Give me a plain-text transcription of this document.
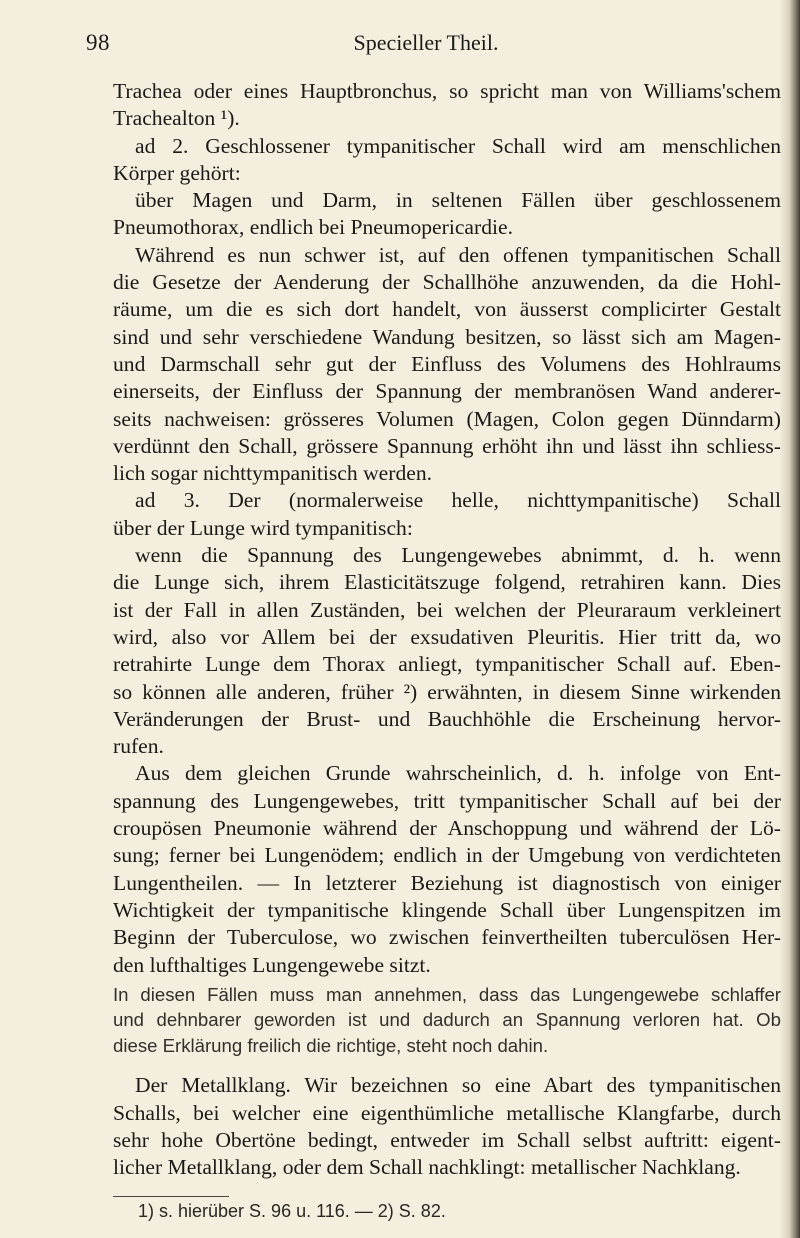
Specieller Theil.
98
Trachea oder eines Hauptbronchus, so spricht man von Williams'schem
Trachealton ¹).
ad 2. Geschlossener tympanitischer Schall wird am menschlichen
Körper gehört:
über Magen und Darm, in seltenen Fällen über geschlossenem
Pneumothorax, endlich bei Pneumopericardie.
Während es nun schwer ist, auf den offenen tympanitischen Schall
die Gesetze der Aenderung der Schallhöhe anzuwenden, da die Hohl-
räume, um die es sich dort handelt, von äusserst complicirter Gestalt
sind und sehr verschiedene Wandung besitzen, so lässt sich am Magen-
und Darmschall sehr gut der Einfluss des Volumens des Hohlraums
einerseits, der Einfluss der Spannung der membranösen Wand anderer-
seits nachweisen: grösseres Volumen (Magen, Colon gegen Dünndarm)
verdünnt den Schall, grössere Spannung erhöht ihn und lässt ihn schliess-
lich sogar nichttympanitisch werden.
ad 3. Der (normalerweise helle, nichttympanitische) Schall
über der Lunge wird tympanitisch:
wenn die Spannung des Lungengewebes abnimmt, d. h. wenn
die Lunge sich, ihrem Elasticitätszuge folgend, retrahiren kann. Dies
ist der Fall in allen Zuständen, bei welchen der Pleuraraum verkleinert
wird, also vor Allem bei der exsudativen Pleuritis. Hier tritt da, wo
retrahirte Lunge dem Thorax anliegt, tympanitischer Schall auf. Eben-
so können alle anderen, früher ²) erwähnten, in diesem Sinne wirkenden
Veränderungen der Brust- und Bauchhöhle die Erscheinung hervor-
rufen.
Aus dem gleichen Grunde wahrscheinlich, d. h. infolge von Ent-
spannung des Lungengewebes, tritt tympanitischer Schall auf bei der
croupösen Pneumonie während der Anschoppung und während der Lö-
sung; ferner bei Lungenödem; endlich in der Umgebung von verdichteten
Lungentheilen. — In letzterer Beziehung ist diagnostisch von einiger
Wichtigkeit der tympanitische klingende Schall über Lungenspitzen im
Beginn der Tuberculose, wo zwischen feinvertheilten tuberculösen Her-
den lufthaltiges Lungengewebe sitzt.
In diesen Fällen muss man annehmen, dass das Lungengewebe schlaffer
und dehnbarer geworden ist und dadurch an Spannung verloren hat. Ob
diese Erklärung freilich die richtige, steht noch dahin.
Der Metallklang. Wir bezeichnen so eine Abart des tympanitischen
Schalls, bei welcher eine eigenthümliche metallische Klangfarbe, durch
sehr hohe Obertöne bedingt, entweder im Schall selbst auftritt: eigent-
licher Metallklang, oder dem Schall nachklingt: metallischer Nachklang.
1) s. hierüber S. 96 u. 116. — 2) S. 82.
